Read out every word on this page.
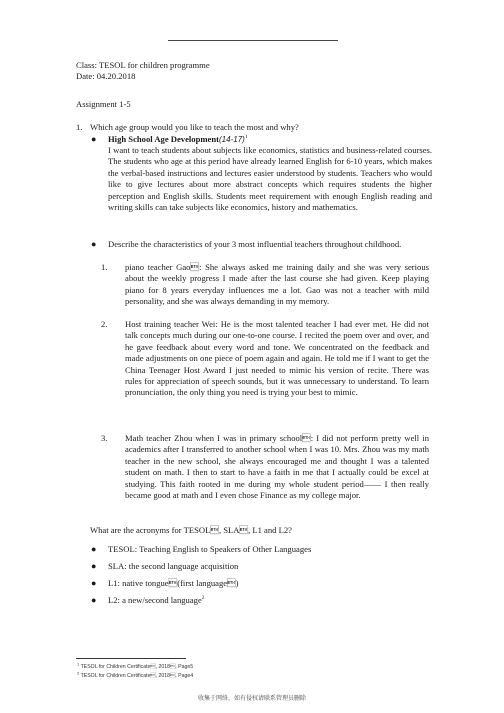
Class: TESOL for children programme
Date: 04.20.2018
Assignment 1-5
1. Which age group would you like to teach the most and why?
● High School Age $Development(14-17)^1$
I want to teach students about subjects like economics, statistics and business-related courses. The students who age at this period have already learned English for 6-10 years, which makes the verbal-based instructions and lectures easier understood by students. Teachers who would like to give lectures about more abstract concepts which requires students the higher perception and English skills. Students meet requirement with enough English reading and writing skills can take subjects like economics, history and mathematics.
● Describe the characteristics of your 3 most influential teachers throughout childhood.
1. piano teacher Gao: She always asked me training daily and she was very serious about the weekly progress I made after the last course she had given. Keep playing piano for 8 years everyday influences me a lot. Gao was not a teacher with mild personality, and she was always demanding in my memory.
2. Host training teacher Wei: He is the most talented teacher I had ever met. He did not talk concepts much during our one-to-one course. I recited the poem over and over, and he gave feedback about every word and tone. We concentrated on the feedback and made adjustments on one piece of poem again and again. He told me if I want to get the China Teenager Host Award I just needed to mimic his version of recite. There was rules for appreciation of speech sounds, but it was unnecessary to understand. To learn pronunciation, the only thing you need is trying your best to mimic.
3. Math teacher Zhou when I was in primary school: I did not perform pretty well in academics after I transferred to another school when I was 10. Mrs. Zhou was my math teacher in the new school, she always encouraged me and thought I was a talented student on math. I then to start to have a faith in me that I actually could be excel at studying. This faith rooted in me during my whole student period—— I then really became good at math and I even chose Finance as my college major.
What are the acronyms for TESOL, SLA, L1 and L2?
● TESOL: Teaching English to Speakers of Other Languages
● SLA: the second language acquisition
● L1: native tongue(first language)
● L2: a new/second language$^2$
$^1$ TESOL for Children Certificate, 2018, Page5
$^2$ TESOL for Children Certificate, 2018, Page4
收集于网络，如有侵权请联系管理员删除
